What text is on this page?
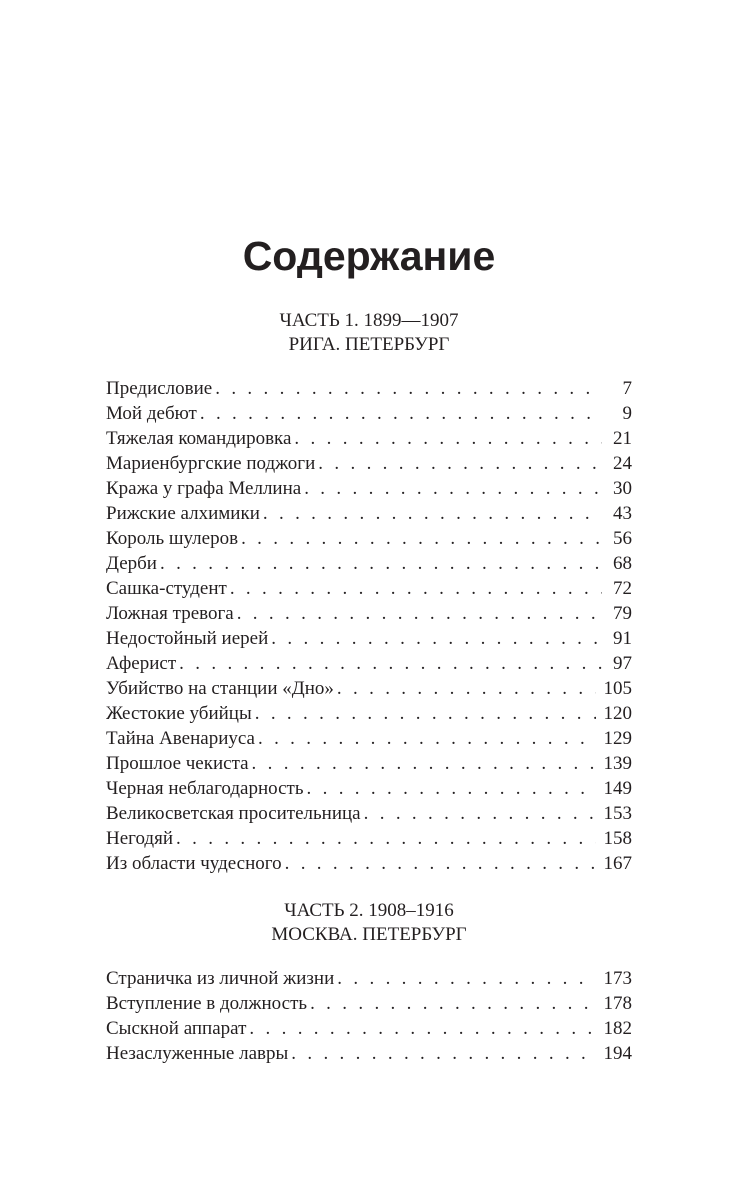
Содержание
ЧАСТЬ 1. 1899—1907
РИГА. ПЕТЕРБУРГ
Предисловие . . .	7
Мой дебют . . .	9
Тяжелая командировка . . .	21
Мариенбургские поджоги . . .	24
Кража у графа Меллина . . .	30
Рижские алхимики . . .	43
Король шулеров . . .	56
Дерби . . .	68
Сашка-студент . . .	72
Ложная тревога . . .	79
Недостойный иерей . . .	91
Аферист . . .	97
Убийство на станции «Дно» . . .	105
Жестокие убийцы . . .	120
Тайна Авенариуса . . .	129
Прошлое чекиста . . .	139
Черная неблагодарность . . .	149
Великосветская просительница . . .	153
Негодяй . . .	158
Из области чудесного . . .	167
ЧАСТЬ 2. 1908–1916
МОСКВА. ПЕТЕРБУРГ
Страничка из личной жизни . . .	173
Вступление в должность . . .	178
Сыскной аппарат . . .	182
Незаслуженные лавры . . .	194
